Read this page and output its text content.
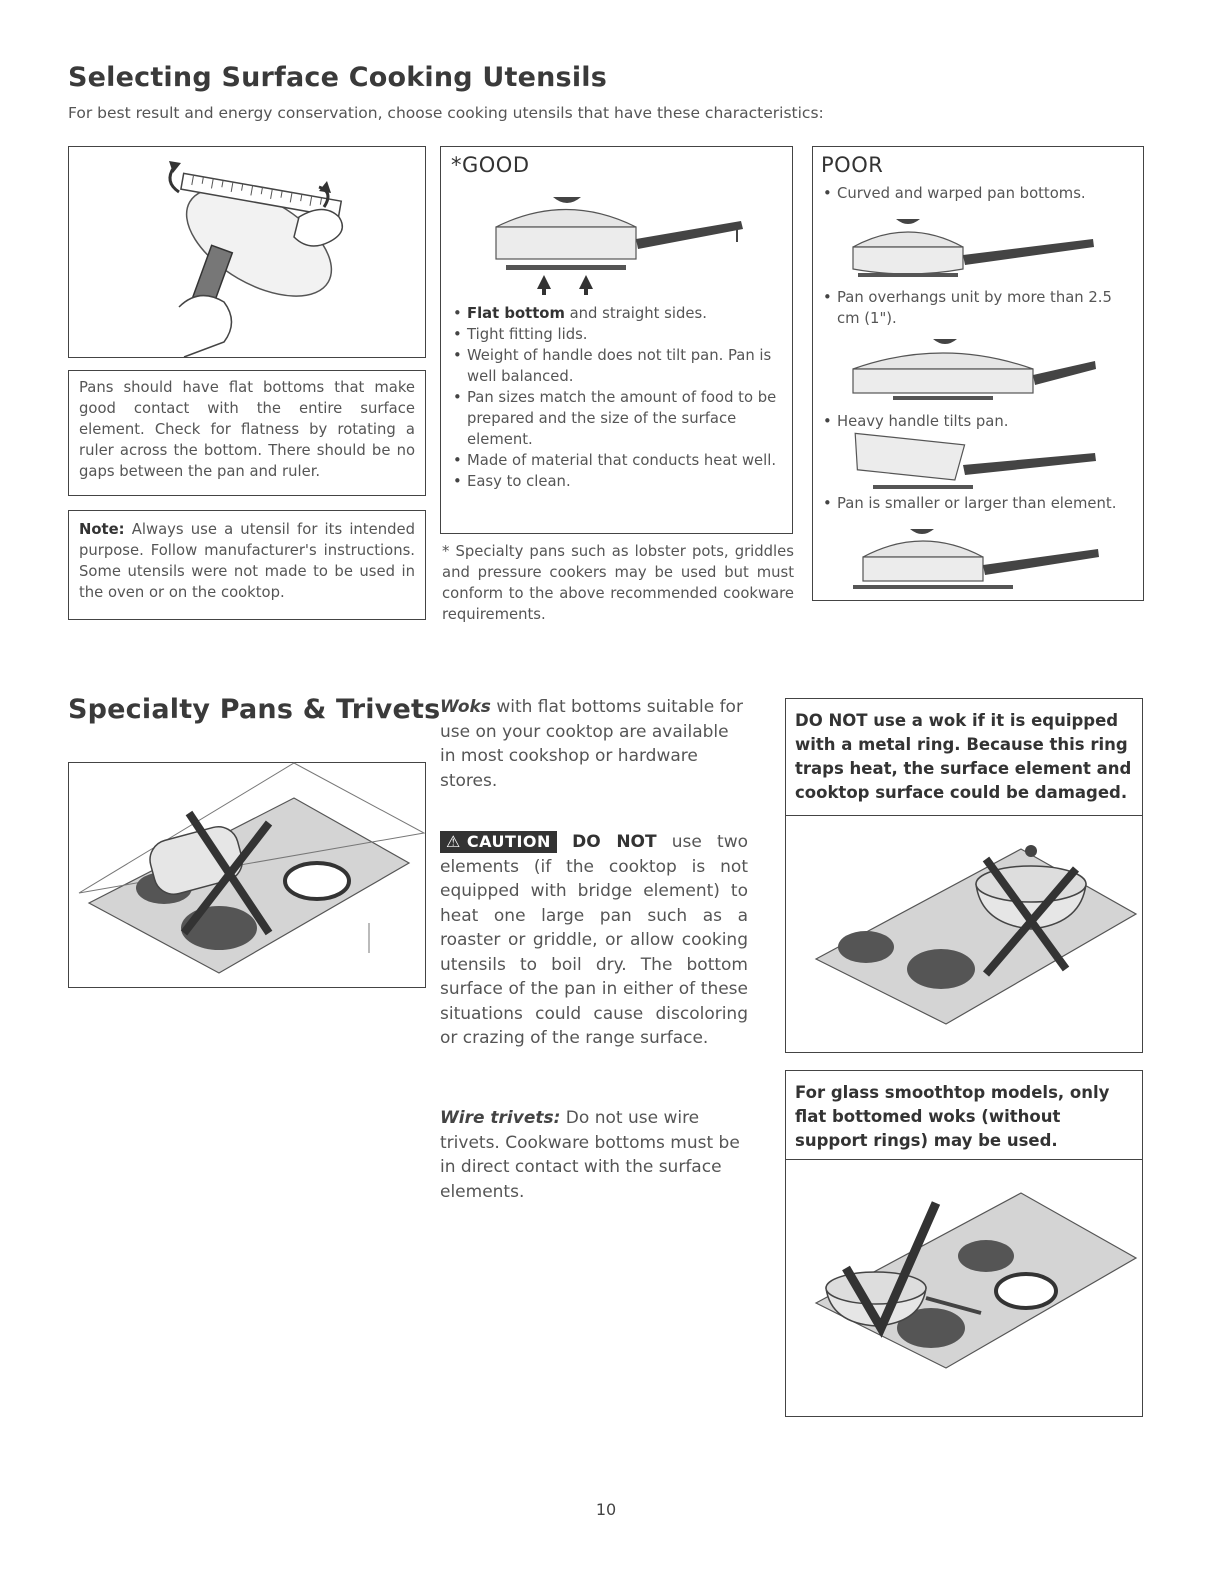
Selecting Surface Cooking Utensils
For best result and energy conservation, choose cooking utensils that have these characteristics:
Pans should have flat bottoms that make good contact with the entire surface element. Check for flatness by rotating a ruler across the bottom. There should be no gaps between the pan and ruler.
Note: Always use a utensil for its intended purpose. Follow manufacturer's instructions. Some utensils were not made to be used in the oven or on the cooktop.
*GOOD
• Flat bottom and straight sides.
• Tight fitting lids.
• Weight of handle does not tilt pan. Pan is well balanced.
• Pan sizes match the amount of food to be prepared and the size of the surface element.
• Made of material that conducts heat well.
• Easy to clean.
* Specialty pans such as lobster pots, griddles and pressure cookers may be used but must conform to the above recommended cookware requirements.
POOR
• Curved and warped pan bottoms.
• Pan overhangs unit by more than 2.5 cm (1").
• Heavy handle tilts pan.
• Pan is smaller or larger than element.
Specialty Pans & Trivets Woks with flat bottoms suitable for use on your cooktop are available in most cookshop or hardware stores.
⚠ CAUTION DO NOT use two elements (if the cooktop is not equipped with bridge element) to heat one large pan such as a roaster or griddle, or allow cooking utensils to boil dry. The bottom surface of the pan in either of these situations could cause discoloring or crazing of the range surface.
Wire trivets: Do not use wire trivets. Cookware bottoms must be in direct contact with the surface elements.
DO NOT use a wok if it is equipped with a metal ring. Because this ring traps heat, the surface element and cooktop surface could be damaged.
For glass smoothtop models, only flat bottomed woks (without support rings) may be used.
10
